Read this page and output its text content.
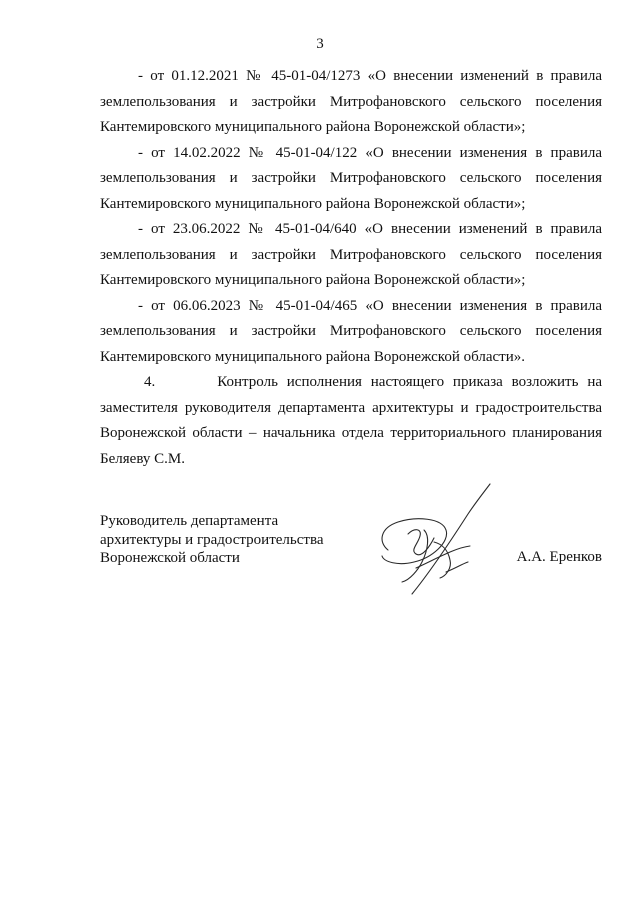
3

- от 01.12.2021 № 45-01-04/1273 «О внесении изменений в правила землепользования и застройки Митрофановского сельского поселения Кантемировского муниципального района Воронежской области»;

- от 14.02.2022 № 45-01-04/122 «О внесении изменения в правила землепользования и застройки Митрофановского сельского поселения Кантемировского муниципального района Воронежской области»;

- от 23.06.2022 № 45-01-04/640 «О внесении изменений в правила землепользования и застройки Митрофановского сельского поселения Кантемировского муниципального района Воронежской области»;

- от 06.06.2023 № 45-01-04/465 «О внесении изменения в правила землепользования и застройки Митрофановского сельского поселения Кантемировского муниципального района Воронежской области».

4.       Контроль исполнения настоящего приказа возложить на заместителя руководителя департамента архитектуры и градостроительства Воронежской области – начальника отдела территориального планирования Беляеву С.М.

Руководитель департамента
архитектуры и градостроительства
Воронежской области	А.А. Еренков
